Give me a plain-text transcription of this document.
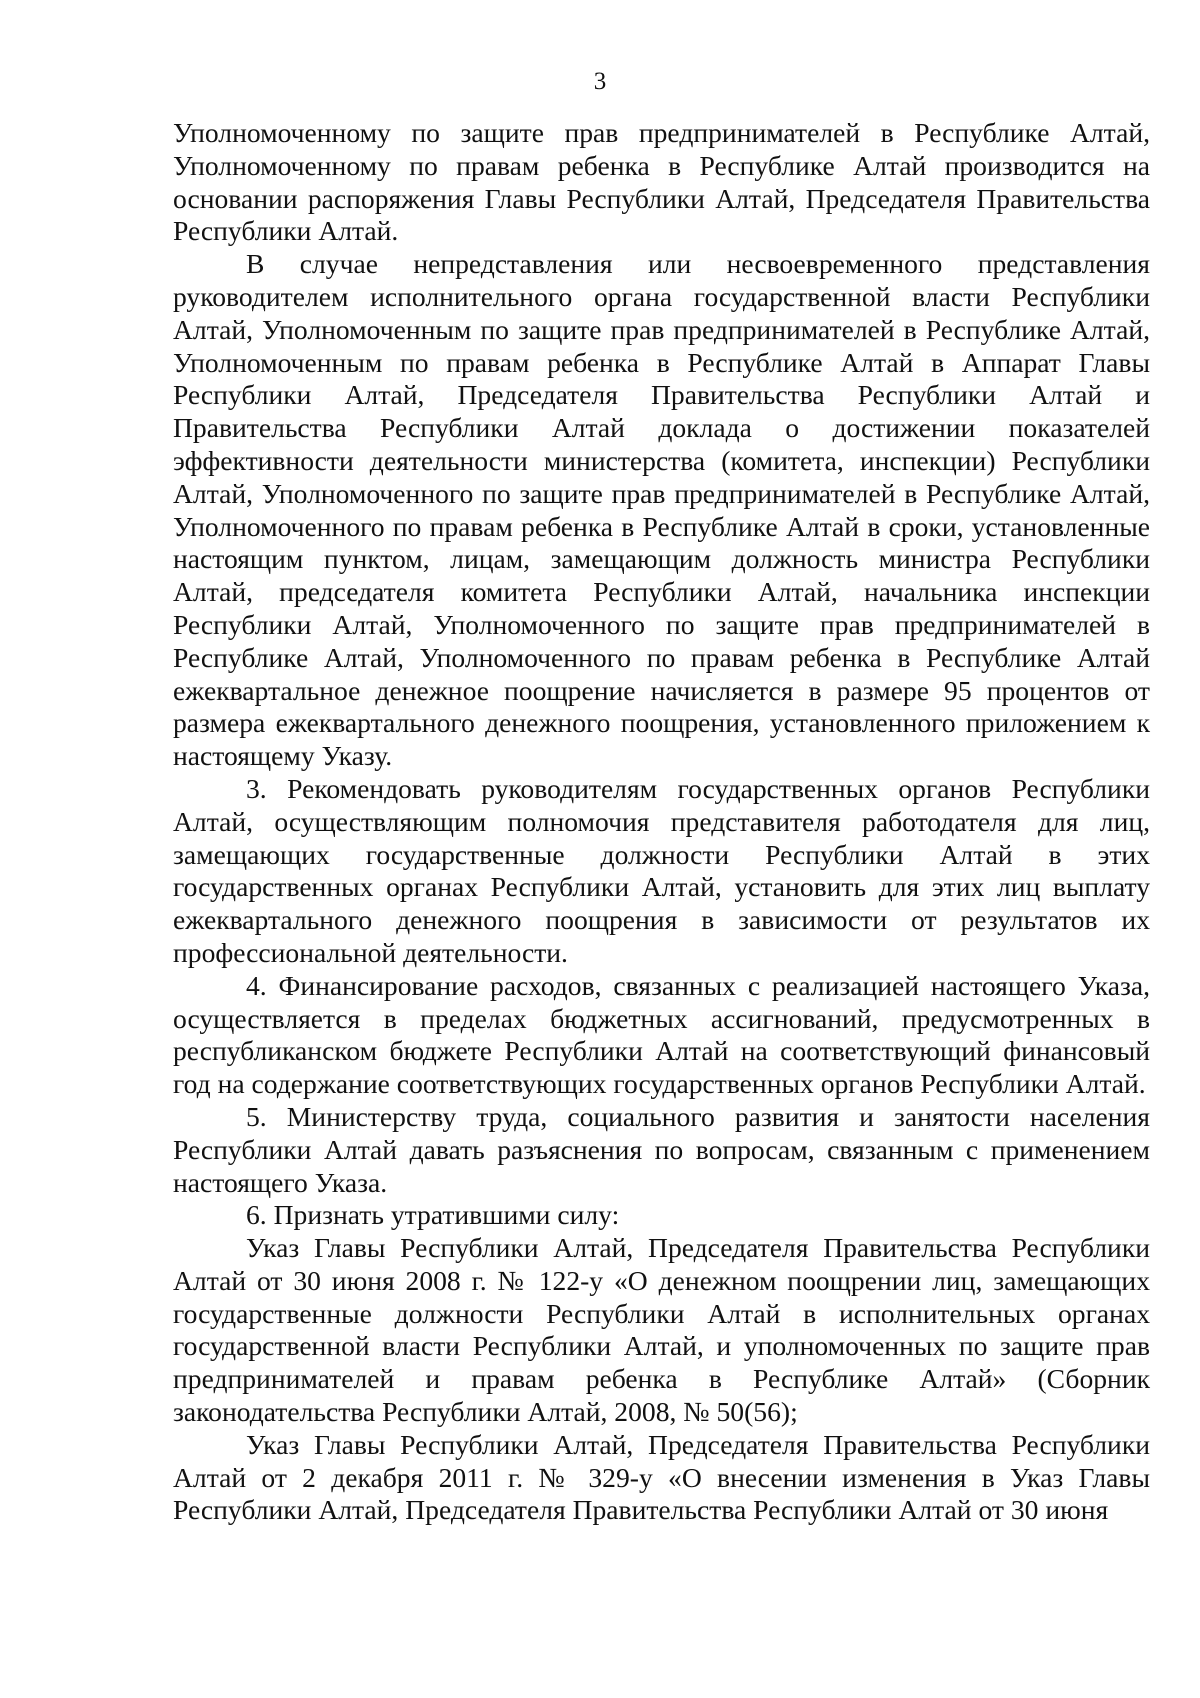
3

Уполномоченному по защите прав предпринимателей в Республике Алтай, Уполномоченному по правам ребенка в Республике Алтай производится на основании распоряжения Главы Республики Алтай, Председателя Правительства Республики Алтай.

В случае непредставления или несвоевременного представления руководителем исполнительного органа государственной власти Республики Алтай, Уполномоченным по защите прав предпринимателей в Республике Алтай, Уполномоченным по правам ребенка в Республике Алтай в Аппарат Главы Республики Алтай, Председателя Правительства Республики Алтай и Правительства Республики Алтай доклада о достижении показателей эффективности деятельности министерства (комитета, инспекции) Республики Алтай, Уполномоченного по защите прав предпринимателей в Республике Алтай, Уполномоченного по правам ребенка в Республике Алтай в сроки, установленные настоящим пунктом, лицам, замещающим должность министра Республики Алтай, председателя комитета Республики Алтай, начальника инспекции Республики Алтай, Уполномоченного по защите прав предпринимателей в Республике Алтай, Уполномоченного по правам ребенка в Республике Алтай ежеквартальное денежное поощрение начисляется в размере 95 процентов от размера ежеквартального денежного поощрения, установленного приложением к настоящему Указу.

3. Рекомендовать руководителям государственных органов Республики Алтай, осуществляющим полномочия представителя работодателя для лиц, замещающих государственные должности Республики Алтай в этих государственных органах Республики Алтай, установить для этих лиц выплату ежеквартального денежного поощрения в зависимости от результатов их профессиональной деятельности.

4. Финансирование расходов, связанных с реализацией настоящего Указа, осуществляется в пределах бюджетных ассигнований, предусмотренных в республиканском бюджете Республики Алтай на соответствующий финансовый год на содержание соответствующих государственных органов Республики Алтай.

5. Министерству труда, социального развития и занятости населения Республики Алтай давать разъяснения по вопросам, связанным с применением настоящего Указа.

6. Признать утратившими силу:

Указ Главы Республики Алтай, Председателя Правительства Республики Алтай от 30 июня 2008 г. № 122-у «О денежном поощрении лиц, замещающих государственные должности Республики Алтай в исполнительных органах государственной власти Республики Алтай, и уполномоченных по защите прав предпринимателей и правам ребенка в Республике Алтай» (Сборник законодательства Республики Алтай, 2008, № 50(56);

Указ Главы Республики Алтай, Председателя Правительства Республики Алтай от 2 декабря 2011 г. № 329-у «О внесении изменения в Указ Главы Республики Алтай, Председателя Правительства Республики Алтай от 30 июня
